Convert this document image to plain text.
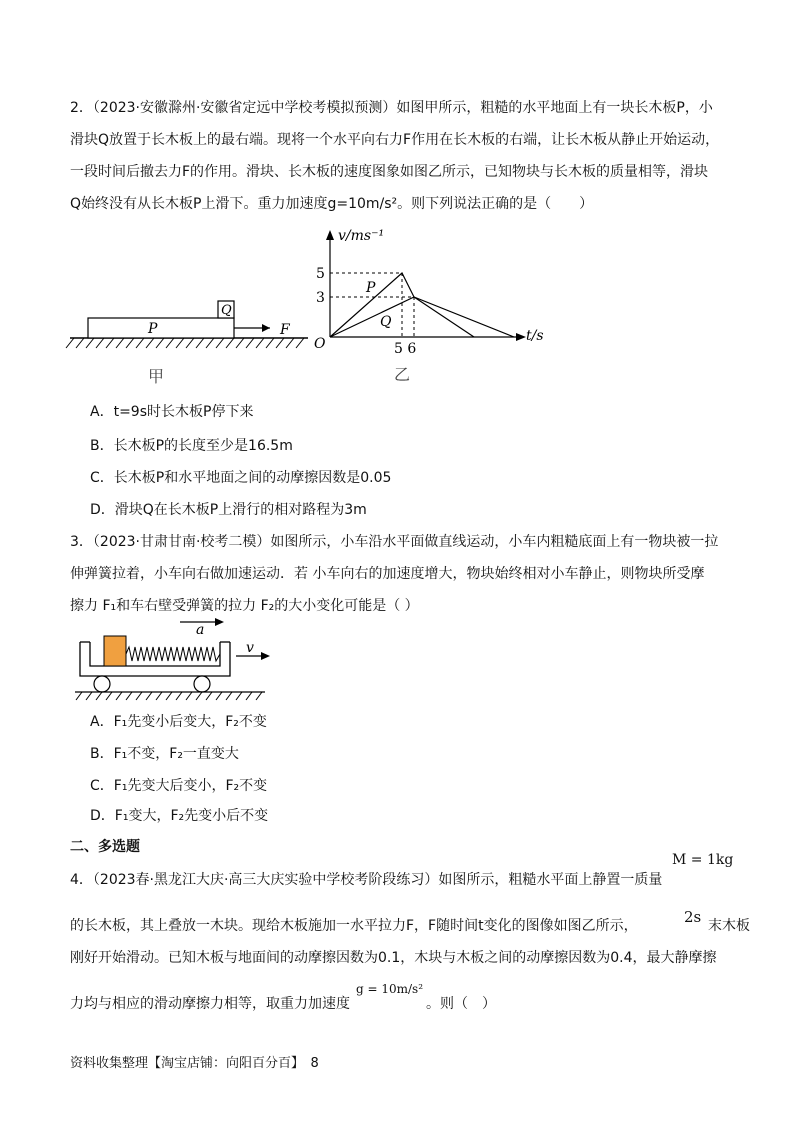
2．（2023·安徽滁州·安徽省定远中学校考模拟预测）如图甲所示，粗糙的水平地面上有一块长木板P，小
滑块Q放置于长木板上的最右端。现将一个水平向右力F作用在长木板的右端，让长木板从静止开始运动，
一段时间后撤去力F的作用。滑块、长木板的速度图象如图乙所示，已知物块与长木板的质量相等，滑块
Q始终没有从长木板P上滑下。重力加速度g=10m/s²。则下列说法正确的是（　　）
Q
P	F
甲
v/ms⁻¹
t/s
O
5
3
5 6
P
Q
乙
A．t=9s时长木板P停下来
B．长木板P的长度至少是16.5m
C．长木板P和水平地面之间的动摩擦因数是0.05
D．滑块Q在长木板P上滑行的相对路程为3m
3．（2023·甘肃甘南·校考二模）如图所示，小车沿水平面做直线运动，小车内粗糙底面上有一物块被一拉
伸弹簧拉着，小车向右做加速运动．若 小车向右的加速度增大，物块始终相对小车静止，则物块所受摩
擦力 F₁和车右壁受弹簧的拉力 F₂的大小变化可能是（ ）
a
v
A．F₁先变小后变大，F₂不变
B．F₁不变，F₂一直变大
C．F₁先变大后变小，F₂不变
D．F₁变大，F₂先变小后不变
二、多选题
4．（2023春·黑龙江大庆·高三大庆实验中学校考阶段练习）如图所示，粗糙水平面上静置一质量
M = 1kg
的长木板，其上叠放一木块。现给木板施加一水平拉力F，F随时间t变化的图像如图乙所示，	2s 末木板
刚好开始滑动。已知木板与地面间的动摩擦因数为0.1，木块与木板之间的动摩擦因数为0.4，最大静摩擦
力均与相应的滑动摩擦力相等，取重力加速度
g = 10m/s²
。则（　）
资料收集整理【淘宝店铺：向阳百分百】　8
